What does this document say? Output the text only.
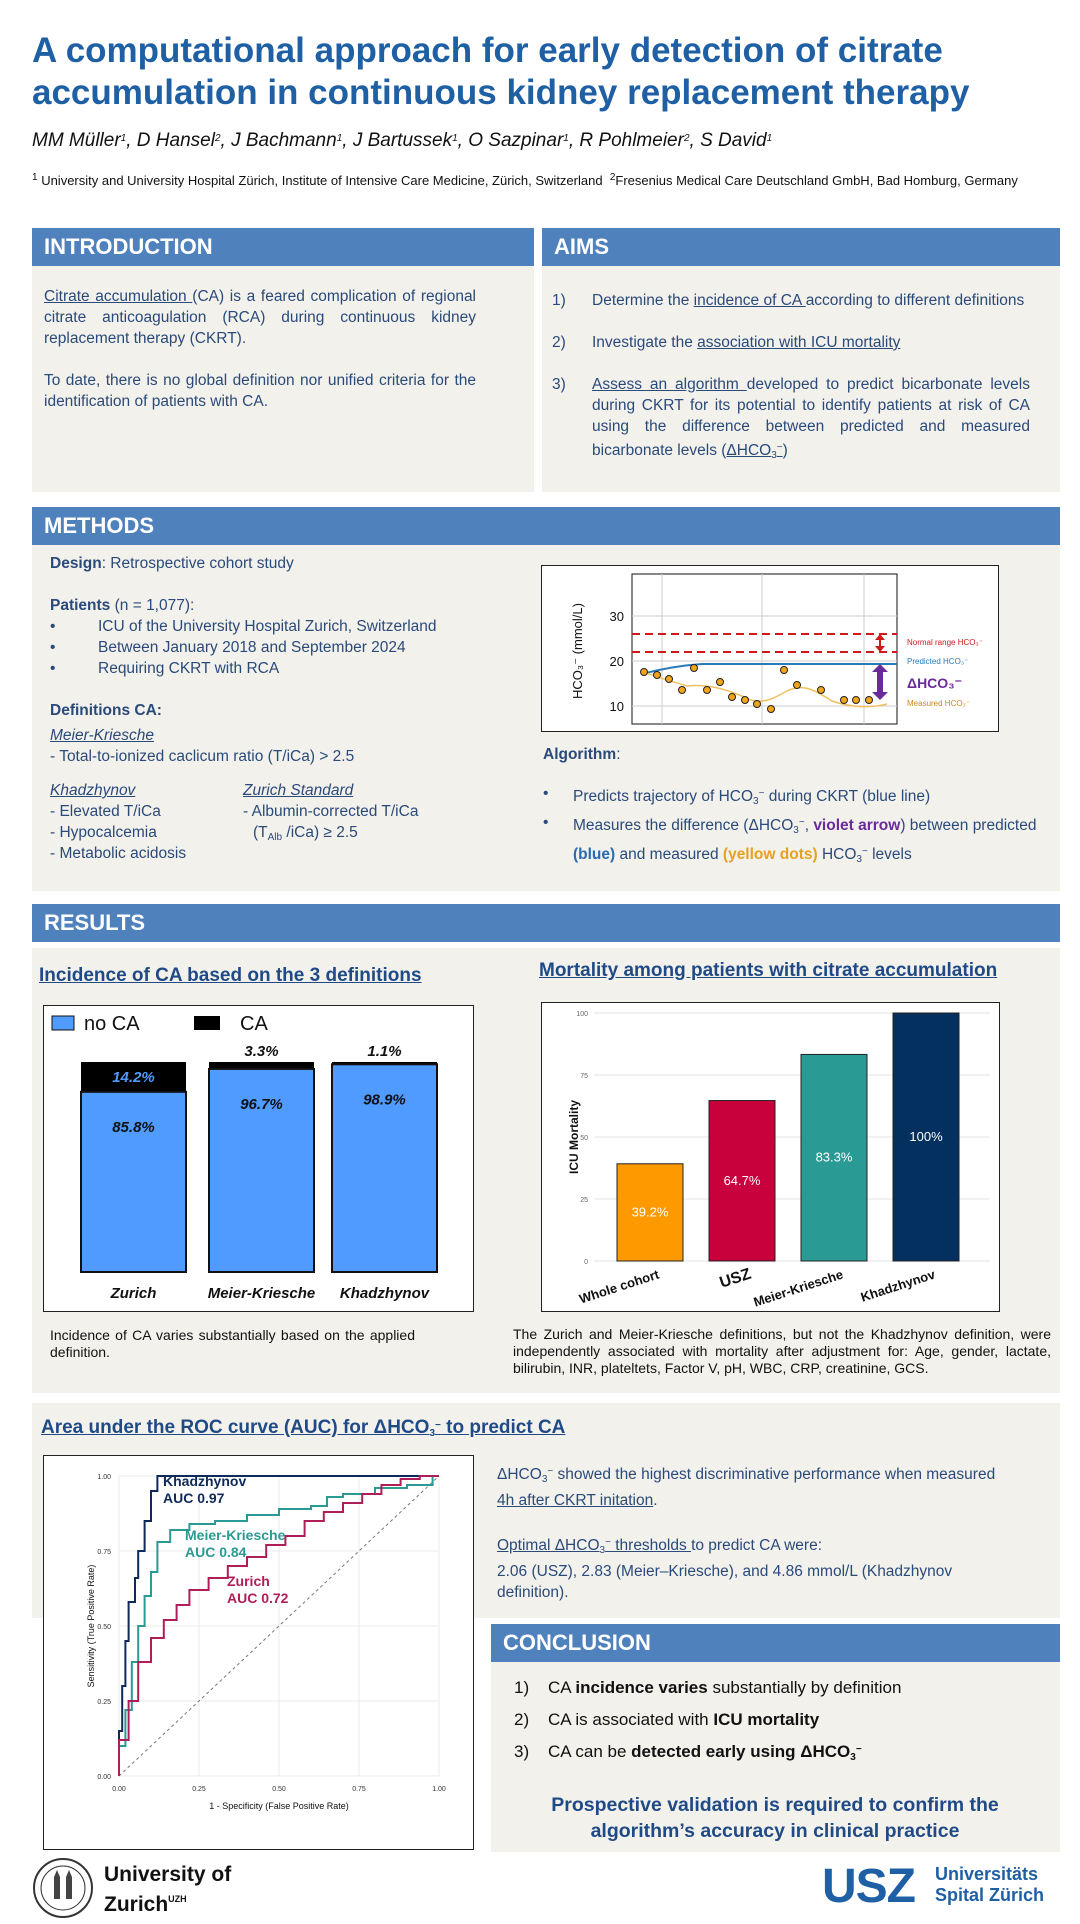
A computational approach for early detection of citrate accumulation in continuous kidney replacement therapy
MM Müller$^1$, D Hansel$^2$, J Bachmann$^1$, J Bartussek$^1$, O Sazpinar$^1$, R Pohlmeier$^2$, S David$^1$
$^1$ University and University Hospital Zürich, Institute of Intensive Care Medicine, Zürich, Switzerland $^2$Fresenius Medical Care Deutschland GmbH, Bad Homburg, Germany
INTRODUCTION
Citrate accumulation (CA) is a feared complication of regional citrate anticoagulation (RCA) during continuous kidney replacement therapy (CKRT).
To date, there is no global definition nor unified criteria for the identification of patients with CA.
AIMS
1)	Determine the incidence of CA according to different definitions
2)	Investigate the association with ICU mortality
3)	Assess an algorithm developed to predict bicarbonate levels during CKRT for its potential to identify patients at risk of CA using the difference between predicted and measured bicarbonate levels $(\Delta HCO_3^-)$
METHODS
Design: Retrospective cohort study
Patients (n = 1,077):
•	ICU of the University Hospital Zurich, Switzerland
•	Between January 2018 and September 2024
•	Requiring CKRT with RCA
Definitions CA:
Meier-Kriesche
- Total-to-ionized caclicum ratio (T/iCa) > 2.5
Khadzhynov
- Elevated T/iCa
- Hypocalcemia
- Metabolic acidosis
Zurich Standard
- Albumin-corrected T/iCa
($T_{Alb}$ /iCa) ≥ 2.5
HCO₃⁻ (mmol/L) 30
20
10
Normal range HCO₃⁻
Predicted HCO₃⁻
ΔHCO₃⁻
Measured HCO₃⁻
Algorithm:
•	Predicts trajectory of $HCO_3^-$ during CKRT (blue line)
•	Measures the difference ($\Delta HCO_3^-$, violet arrow) between predicted (blue) and measured (yellow dots) $HCO_3^-$ levels
RESULTS
Incidence of CA based on the 3 definitions
no CA	CA
85.8%
14.2%
Zurich
96.7%
3.3%
Meier-Kriesche
98.9%
1.1%
Khadzhynov
Incidence of CA varies substantially based on the applied definition.
Mortality among patients with citrate accumulation
0
25
50
75
100
ICU Mortality
39.2%
Whole cohort
64.7%
USZ
83.3%
Meier-Kriesche
100%
Khadzhynov
The Zurich and Meier-Kriesche definitions, but not the Khadzhynov definition, were independently associated with mortality after adjustment for: Age, gender, lactate, bilirubin, INR, plateltets, Factor V, pH, WBC, CRP, creatinine, GCS.
Area under the ROC curve (AUC) for $\Delta HCO_3^-$ to predict CA
0.00
0.00
0.25
0.25
0.50
0.50
0.75
0.75
1.00
1.00
1 - Specificity (False Positive Rate)
Sensitivity (True Positive Rate)
Khadzhynov
AUC 0.97
Meier-Kriesche
AUC 0.84
Zurich
AUC 0.72
$\Delta HCO_3^-$ showed the highest discriminative performance when measured 4h after CKRT initation.
Optimal $\Delta HCO_3^-$ thresholds to predict CA were:
2.06 (USZ), 2.83 (Meier–Kriesche), and 4.86 mmol/L (Khadzhynov definition).
CONCLUSION
1)	CA incidence varies substantially by definition
2)	CA is associated with ICU mortality
3)	CA can be detected early using $\Delta HCO_3^-$
Prospective validation is required to confirm the algorithm’s accuracy in clinical practice
University of
Zurich$^{UZH}$	USZ Universitäts
Spital Zürich
